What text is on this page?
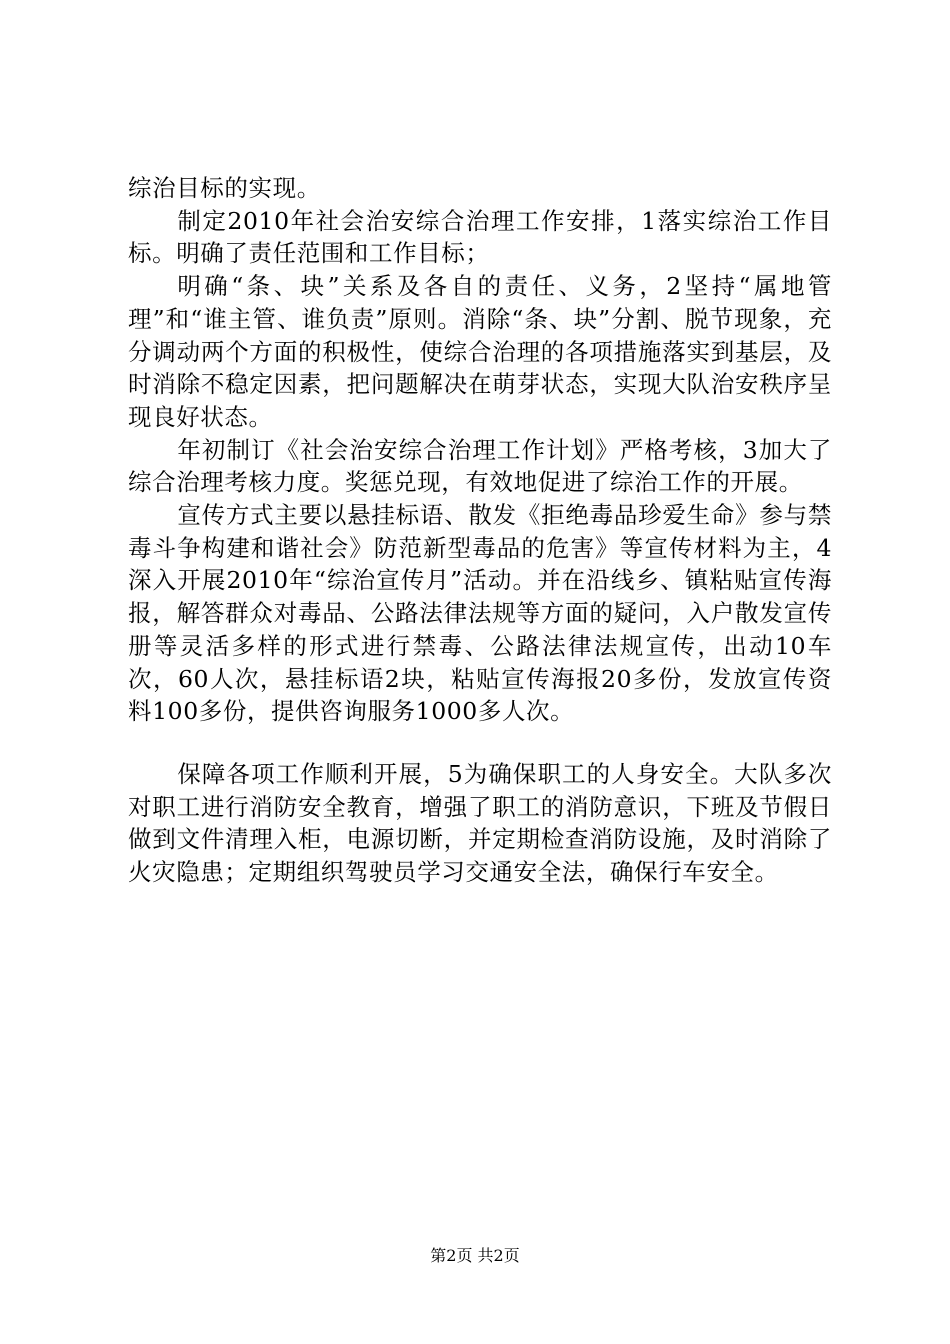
综治目标的实现。

制定2010年社会治安综合治理工作安排，1落实综治工作目标。明确了责任范围和工作目标；

明确“条、块”关系及各自的责任、义务，2坚持“属地管理”和“谁主管、谁负责”原则。消除“条、块”分割、脱节现象，充分调动两个方面的积极性，使综合治理的各项措施落实到基层，及时消除不稳定因素，把问题解决在萌芽状态，实现大队治安秩序呈现良好状态。

年初制订《社会治安综合治理工作计划》严格考核，3加大了综合治理考核力度。奖惩兑现，有效地促进了综治工作的开展。

宣传方式主要以悬挂标语、散发《拒绝毒品珍爱生命》参与禁毒斗争构建和谐社会》防范新型毒品的危害》等宣传材料为主，4深入开展2010年“综治宣传月”活动。并在沿线乡、镇粘贴宣传海报，解答群众对毒品、公路法律法规等方面的疑问，入户散发宣传册等灵活多样的形式进行禁毒、公路法律法规宣传，出动10车次，60人次，悬挂标语2块，粘贴宣传海报20多份，发放宣传资料100多份，提供咨询服务1000多人次。

保障各项工作顺利开展，5为确保职工的人身安全。大队多次对职工进行消防安全教育，增强了职工的消防意识，下班及节假日做到文件清理入柜，电源切断，并定期检查消防设施，及时消除了火灾隐患；定期组织驾驶员学习交通安全法，确保行车安全。

第2页 共2页
